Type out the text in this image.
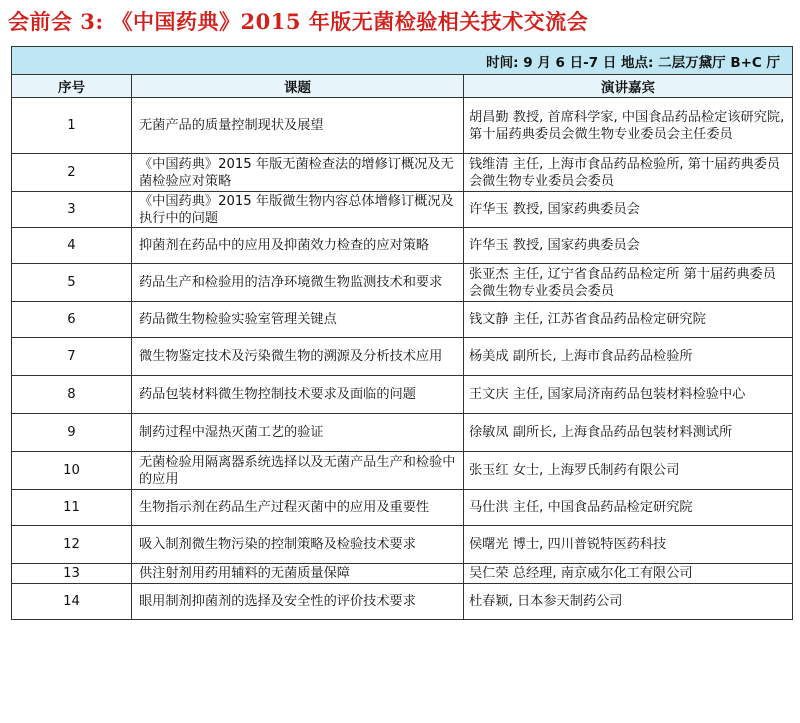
会前会 3: 《中国药典》2015 年版无菌检验相关技术交流会
时间: 9 月 6 日-7 日 地点: 二层万黛厅 B+C 厅		
序号	课题	演讲嘉宾
1	无菌产品的质量控制现状及展望	胡昌勤 教授, 首席科学家, 中国食品药品检定该研究院, 第十届药典委员会微生物专业委员会主任委员
2	《中国药典》2015 年版无菌检查法的增修订概况及无菌检验应对策略	钱维清 主任, 上海市食品药品检验所, 第十届药典委员会微生物专业委员会委员
3	《中国药典》2015 年版微生物内容总体增修订概况及执行中的问题	许华玉 教授, 国家药典委员会
4	抑菌剂在药品中的应用及抑菌效力检查的应对策略	许华玉 教授, 国家药典委员会
5	药品生产和检验用的洁净环境微生物监测技术和要求	张亚杰 主任, 辽宁省食品药品检定所 第十届药典委员会微生物专业委员会委员
6	药品微生物检验实验室管理关键点	钱文静 主任, 江苏省食品药品检定研究院
7	微生物鉴定技术及污染微生物的溯源及分析技术应用	杨美成 副所长, 上海市食品药品检验所
8	药品包装材料微生物控制技术要求及面临的问题	王文庆 主任, 国家局济南药品包装材料检验中心
9	制药过程中湿热灭菌工艺的验证	徐敏凤 副所长, 上海食品药品包装材料测试所
10	无菌检验用隔离器系统选择以及无菌产品生产和检验中的应用	张玉红 女士, 上海罗氏制药有限公司
11	生物指示剂在药品生产过程灭菌中的应用及重要性	马仕洪 主任, 中国食品药品检定研究院
12	吸入制剂微生物污染的控制策略及检验技术要求	侯曙光 博士, 四川普锐特医药科技
13	供注射剂用药用辅料的无菌质量保障	吴仁荣 总经理, 南京威尔化工有限公司
14	眼用制剂抑菌剂的选择及安全性的评价技术要求	杜春颖, 日本参天制药公司
